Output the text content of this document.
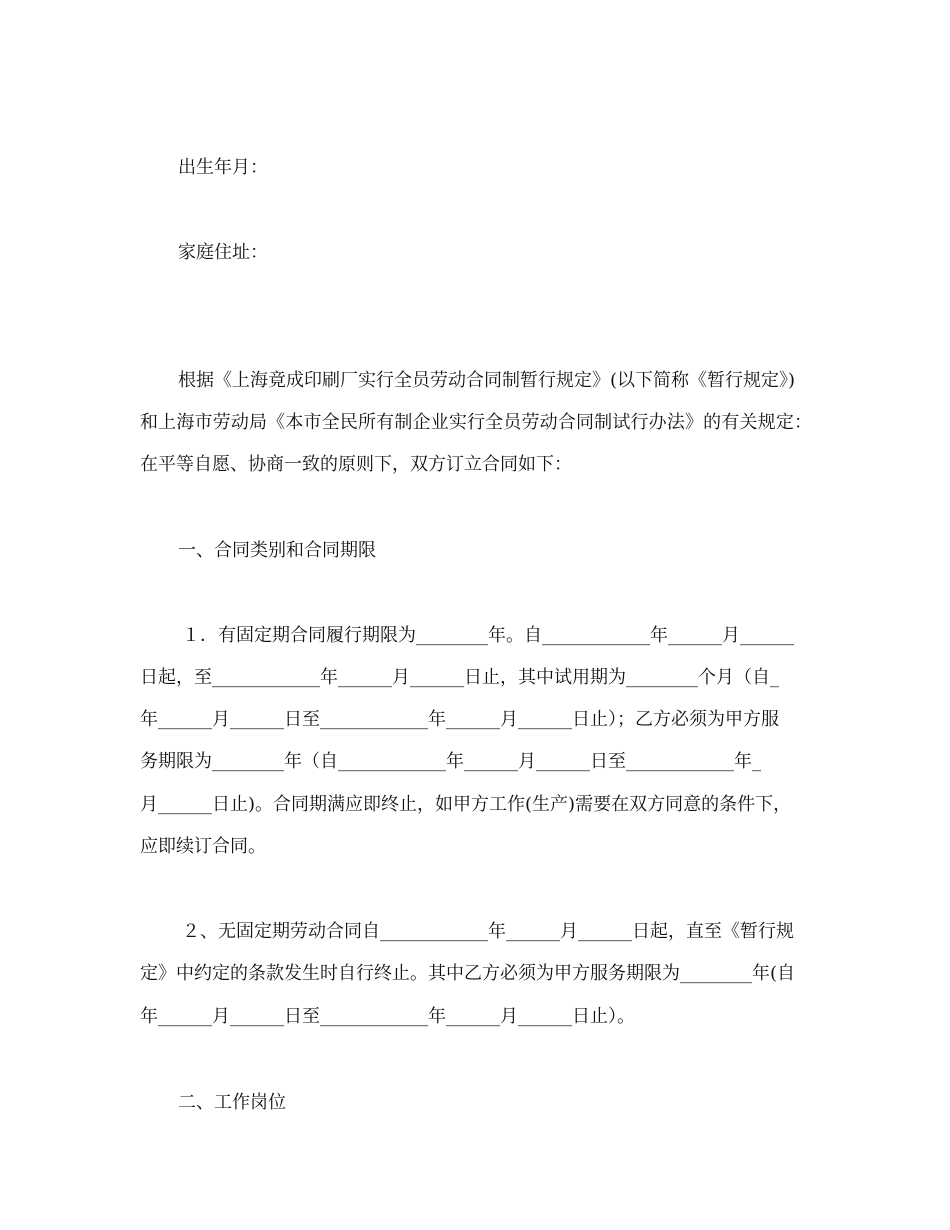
出生年月：
家庭住址：
根据《上海竟成印刷厂实行全员劳动合同制暂行规定》(以下简称《暂行规定》)
和上海市劳动局《本市全民所有制企业实行全员劳动合同制试行办法》的有关规定：
在平等自愿、协商一致的原则下，双方订立合同如下：
一、合同类别和合同期限
１．有固定期合同履行期限为________年。自____________年______月______
日起，至____________年______月______日止，其中试用期为________个月（自_
年______月______日至____________年______月______日止）；乙方必须为甲方服
务期限为________年（自____________年______月______日至____________年_
月______日止)。合同期满应即终止，如甲方工作(生产)需要在双方同意的条件下，
应即续订合同。
２、无固定期劳动合同自____________年______月______日起，直至《暂行规
定》中约定的条款发生时自行终止。其中乙方必须为甲方服务期限为________年(自
年______月______日至____________年______月______日止）。
二、工作岗位
